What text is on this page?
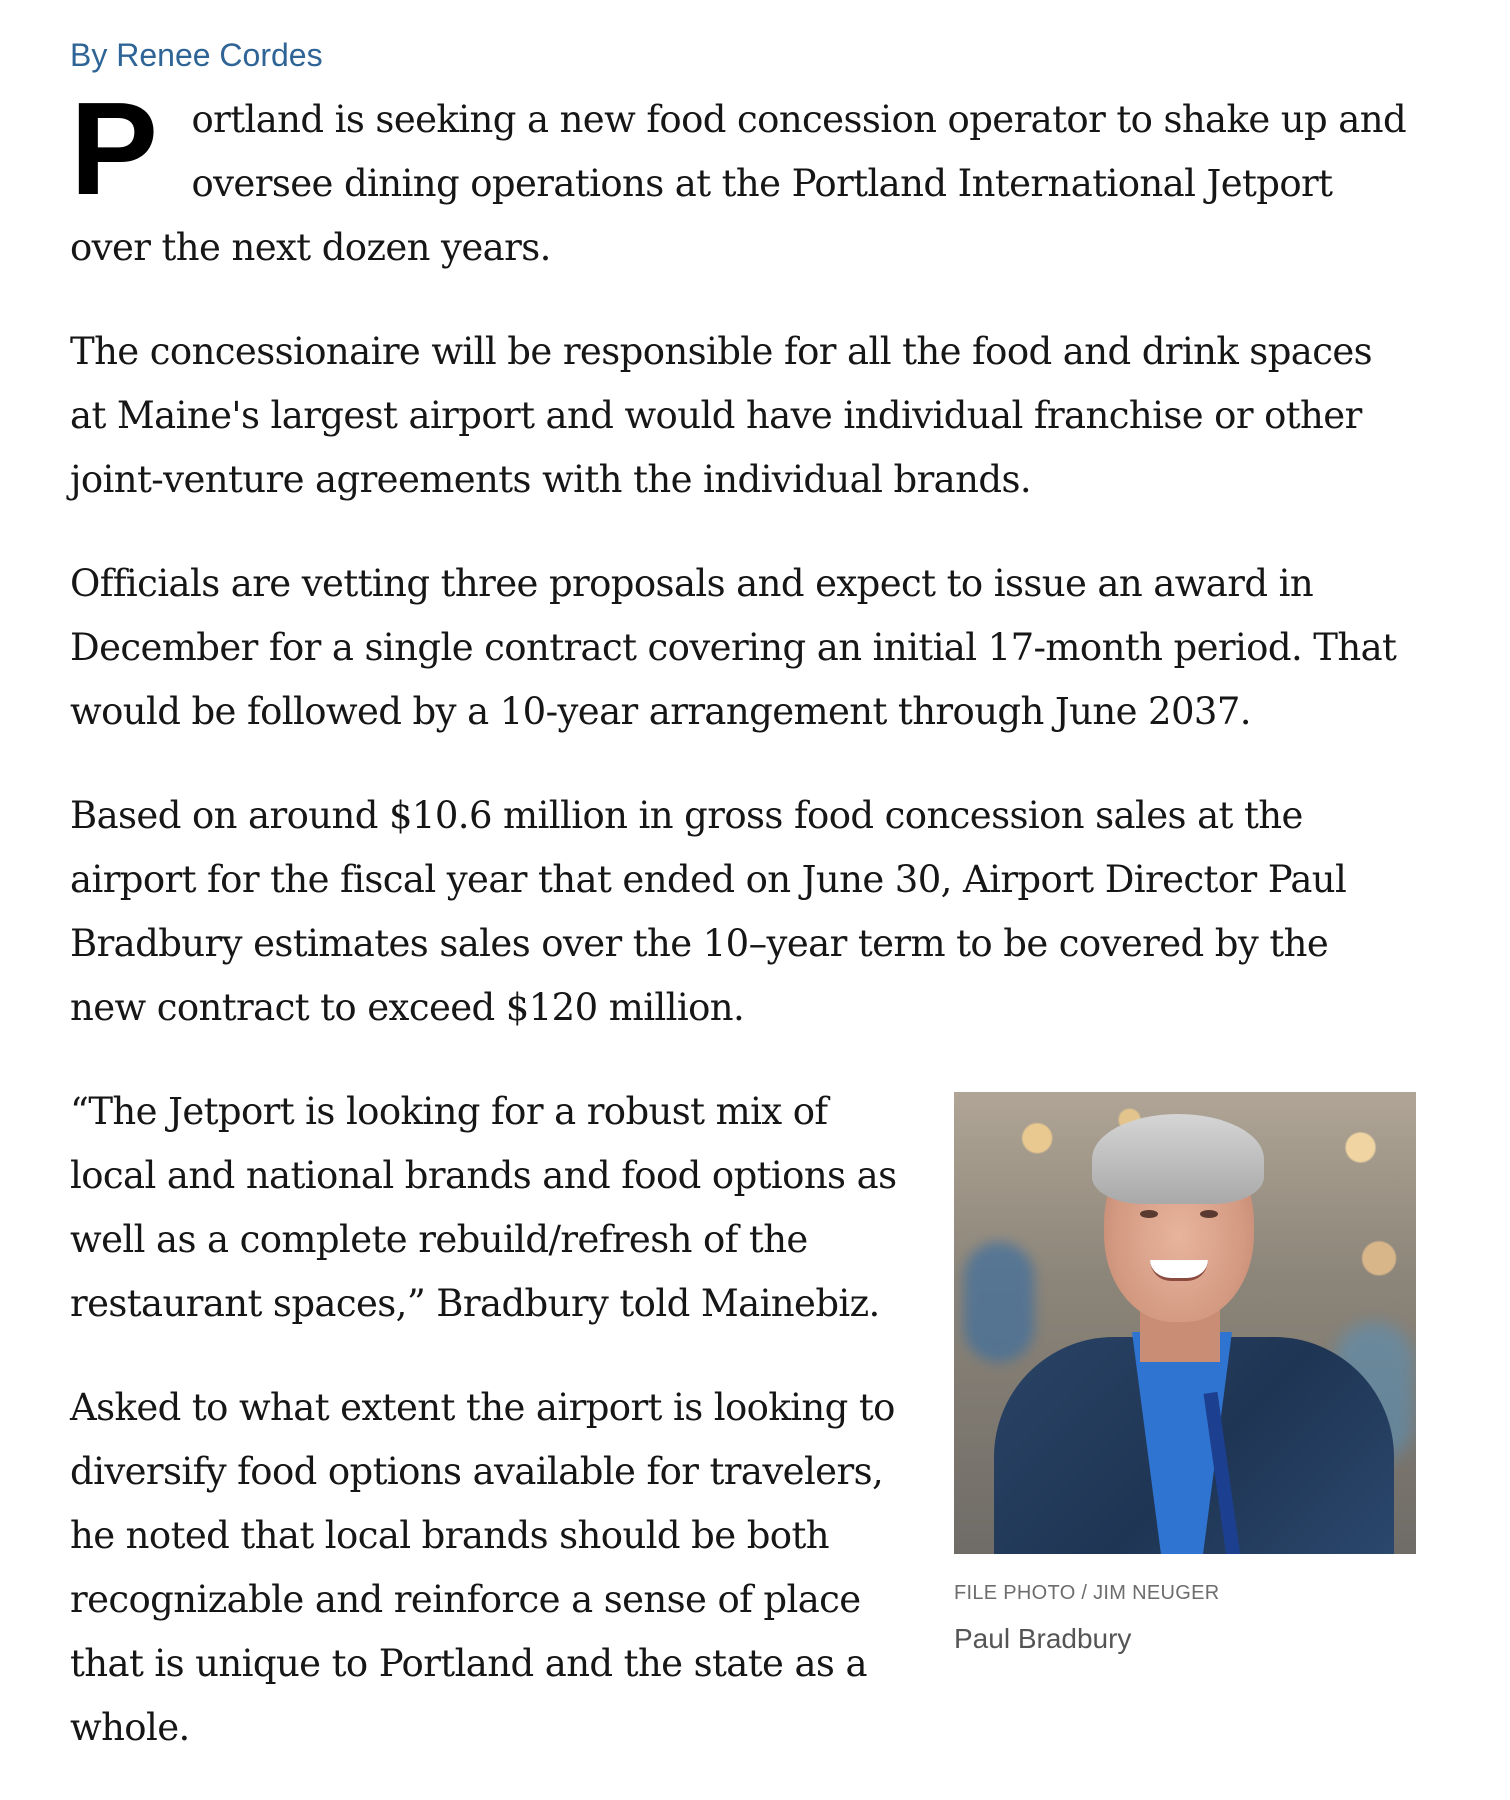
By Renee Cordes

P ortland is seeking a new food concession operator to shake up and oversee dining operations at the Portland International Jetport over the next dozen years.

The concessionaire will be responsible for all the food and drink spaces at Maine's largest airport and would have individual franchise or other joint-venture agreements with the individual brands.

Officials are vetting three proposals and expect to issue an award in December for a single contract covering an initial 17-month period. That would be followed by a 10-year arrangement through June 2037.

Based on around $10.6 million in gross food concession sales at the airport for the fiscal year that ended on June 30, Airport Director Paul Bradbury estimates sales over the 10–year term to be covered by the new contract to exceed $120 million.

“The Jetport is looking for a robust mix of local and national brands and food options as well as a complete rebuild/refresh of the restaurant spaces,” Bradbury told Mainebiz.

Asked to what extent the airport is looking to diversify food options available for travelers, he noted that local brands should be both recognizable and reinforce a sense of place that is unique to Portland and the state as a whole.

FILE PHOTO / JIM NEUGER
Paul Bradbury
